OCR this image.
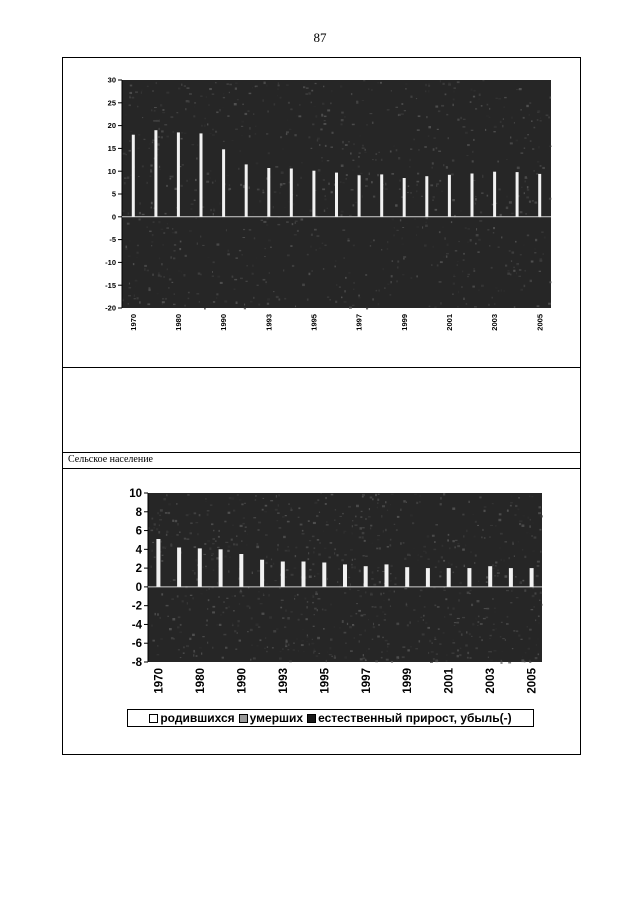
87
Сельское население
30
25
20
15
10
5
0
-5
-10
-15
-20
1970	1980	1990	1993	1995	1997	1999	2001	2003	2005
10
8
6
4
2
0
-2
-4
-6
-8
1970	1980	1990	1993	1995	1997	1999	2001	2003	2005
родившихся умерших естественный прирост, убыль(-)
